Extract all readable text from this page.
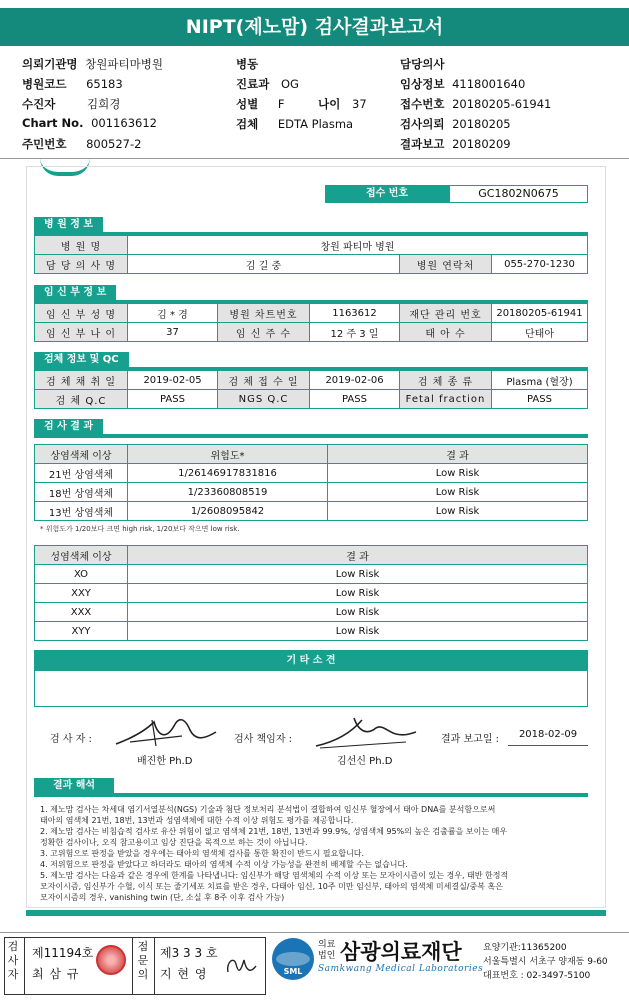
NIPT(제노맘) 검사결과보고서
의뢰기관명 창원파티마병원
병원코드 65183
수진자	김희경
Chart No. 001163612
주민번호 800527-2
병동
진료과 OG
성별 F	나이 37
검체 EDTA Plasma
담당의사
임상정보 4118001640
접수번호 20180205-61941
검사의뢰 20180205
결과보고 20180209
접수 번호	GC1802N0675
병 원 정 보
병 원 명	창원 파티마 병원		
담 당 의 사 명	김 길 중	병원 연락처	055-270-1230
임 신 부 정 보
임 신 부 성 명	김 * 경	병원 차트번호	1163612	재단 관리 번호	20180205-61941
임 신 부 나 이	37	임 신 주 수	12 주 3 일	태 아 수	단태아
검체 정보 및 QC
검 체 채 취 일	2019-02-05	검 체 접 수 일	2019-02-06	검 체 종 류	Plasma (혈장)
검 체 Q.C	PASS	NGS Q.C	PASS	Fetal fraction	PASS
검 사 결 과
상염색체 이상	위험도*	결 과
21번 상염색체	1/26146917831816	Low Risk
18번 상염색체	1/23360808519	Low Risk
13번 상염색체	1/2608095842	Low Risk
* 위험도가 1/20보다 크면 high risk, 1/20보다 작으면 low risk.
성염색체 이상	결 과
XO	Low Risk
XXY	Low Risk
XXX	Low Risk
XYY	Low Risk
기 타 소 견
검 사 자 :
배진한 Ph.D
검사 책임자 :
김선신 Ph.D
결과 보고일 :	2018-02-09
결과 해석
1. 제노맘 검사는 차세대 염기서열분석(NGS) 기술과 첨단 정보처리 분석법이 결합하여 임신부 혈장에서 태아 DNA를 분석함으로써
태아의 염색체 21번, 18번, 13번과 성염색체에 대한 수적 이상 위험도 평가를 제공합니다.
2. 제노맘 검사는 비침습적 검사로 유산 위험이 없고 염색체 21번, 18번, 13번과 99.9%, 성염색체 95%의 높은 검출률을 보이는 매우
정확한 검사이나, 오직 참고용이고 임상 진단을 목적으로 하는 것이 아닙니다.
3. 고위험으로 판정을 받았을 경우에는 태아의 염색체 검사를 통한 확진이 반드시 필요합니다.
4. 저위험으로 판정을 받았다고 하더라도 태아의 염색체 수적 이상 가능성을 완전히 배제할 수는 없습니다.
5. 제노맘 검사는 다음과 같은 경우에 한계를 나타냅니다: 임신부가 해당 염색체의 수적 이상 또는 모자이시즘이 있는 경우, 태반 한정적
모자이시즘, 임신부가 수혈, 이식 또는 줄기세포 치료를 받은 경우, 다태아 임신, 10주 미만 임신부, 태아의 염색체 미세결실/중복 혹은
모자이시즘의 경우, vanishing twin (단, 소실 후 8주 이후 검사 가능)
검사자
제11194호
최 삼 규
점문의
제3 3 3 호
지 현 영	SML
의료
법인 삼광의료재단
Samkwang Medical Laboratories
요양기관:11365200
서울특별시 서초구 양재동 9-60
대표번호 : 02-3497-5100
